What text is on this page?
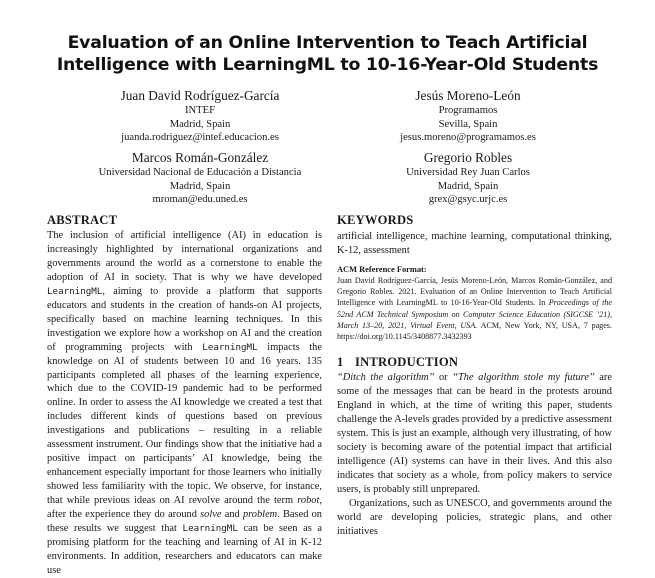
Evaluation of an Online Intervention to Teach Artificial
Intelligence with LearningML to 10-16-Year-Old Students
Juan David Rodríguez-García
INTEF
Madrid, Spain
juanda.rodriguez@intef.educacion.es
Jesús Moreno-León
Programamos
Sevilla, Spain
jesus.moreno@programamos.es
Marcos Román-González
Universidad Nacional de Educación a Distancia
Madrid, Spain
mroman@edu.uned.es
Gregorio Robles
Universidad Rey Juan Carlos
Madrid, Spain
grex@gsyc.urjc.es
ABSTRACT

The inclusion of artificial intelligence (AI) in education is increasingly highlighted by international organizations and governments around the world as a cornerstone to enable the adoption of AI in society. That is why we have developed LearningML, aiming to provide a platform that supports educators and students in the creation of hands-on AI projects, specifically based on machine learning techniques. In this investigation we explore how a workshop on AI and the creation of programming projects with LearningML impacts the knowledge on AI of students between 10 and 16 years. 135 participants completed all phases of the learning experience, which due to the COVID-19 pandemic had to be performed online. In order to assess the AI knowledge we created a test that includes different kinds of questions based on previous investigations and publications – resulting in a reliable assessment instrument. Our findings show that the initiative had a positive impact on participants’ AI knowledge, being the enhancement especially important for those learners who initially showed less familiarity with the topic. We observe, for instance, that while previous ideas on AI revolve around the term robot, after the experience they do around solve and problem. Based on these results we suggest that LearningML can be seen as a promising platform for the teaching and learning of AI in K-12 environments. In addition, researchers and educators can make use

KEYWORDS

artificial intelligence, machine learning, computational thinking, K-12, assessment

ACM Reference Format:

Juan David Rodríguez-García, Jesús Moreno-León, Marcos Román-González, and Gregorio Robles. 2021. Evaluation of an Online Intervention to Teach Artificial Intelligence with LearningML to 10-16-Year-Old Students. In Proceedings of the 52nd ACM Technical Symposium on Computer Science Education (SIGCSE ’21), March 13–20, 2021, Virtual Event, USA. ACM, New York, NY, USA, 7 pages. https://doi.org/10.1145/3408877.3432393

1 INTRODUCTION

“Ditch the algorithm” or “The algorithm stole my future” are some of the messages that can be heard in the protests around England in which, at the time of writing this paper, students challenge the A-levels grades provided by a predictive assessment system. This is just an example, although very illustrating, of how society is becoming aware of the potential impact that artificial intelligence (AI) systems can have in their lives. And this also indicates that society as a whole, from policy makers to service users, is probably still unprepared.

Organizations, such as UNESCO, and governments around the world are developing policies, strategic plans, and other initiatives
